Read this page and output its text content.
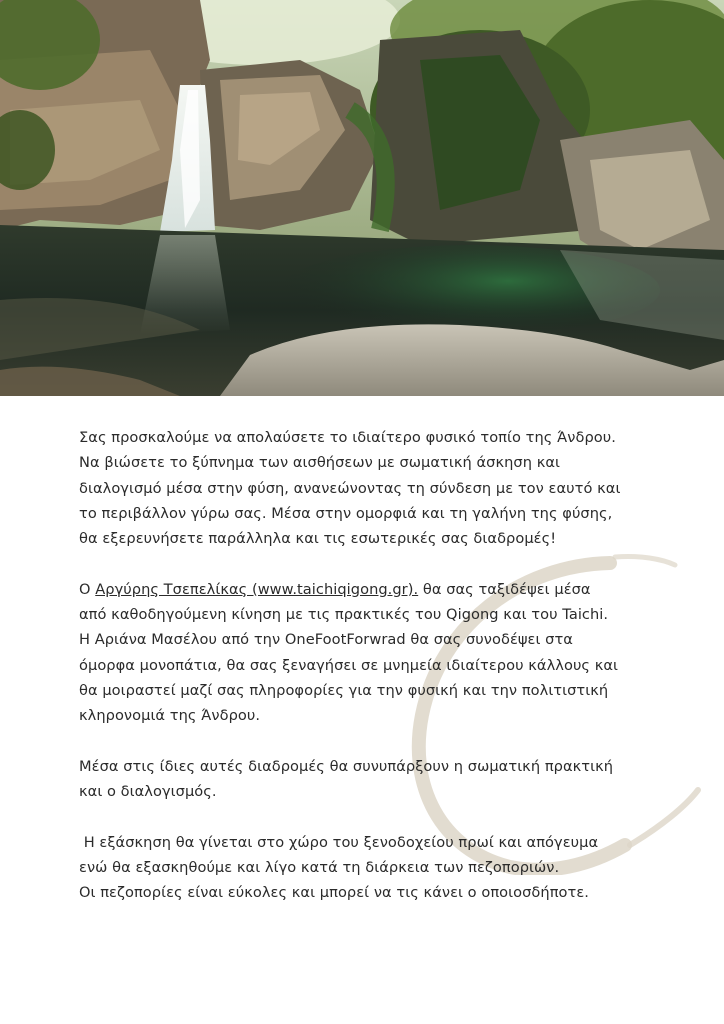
Σας προσκαλούμε να απολαύσετε το ιδιαίτερο φυσικό τοπίο της Άνδρου.

Να βιώσετε το ξύπνημα των αισθήσεων με σωματική άσκηση και

διαλογισμό μέσα στην φύση, ανανεώνοντας τη σύνδεση με τον εαυτό και

το περιβάλλον γύρω σας. Μέσα στην ομορφιά και τη γαλήνη της φύσης,

θα εξερευνήσετε παράλληλα και τις εσωτερικές σας διαδρομές!

Ο Αργύρης Τσεπελίκας (www.taichiqigong.gr). θα σας ταξιδέψει μέσα

από καθοδηγούμενη κίνηση με τις πρακτικές του Qigong και του Taichi.

Η Αριάνα Μασέλου από την OneFootForwrad θα σας συνοδέψει στα

όμορφα μονοπάτια, θα σας ξεναγήσει σε μνημεία ιδιαίτερου κάλλους και

θα μοιραστεί μαζί σας πληροφορίες για την φυσική και την πολιτιστική

κληρονομιά της Άνδρου.

Μέσα στις ίδιες αυτές διαδρομές θα συνυπάρξουν η σωματική πρακτική

και ο διαλογισμός.

Η εξάσκηση θα γίνεται στο χώρο του ξενοδοχείου πρωί και απόγευμα

ενώ θα εξασκηθούμε και λίγο κατά τη διάρκεια των πεζοποριών.

Οι πεζοπορίες είναι εύκολες και μπορεί να τις κάνει ο οποιοσδήποτε.
